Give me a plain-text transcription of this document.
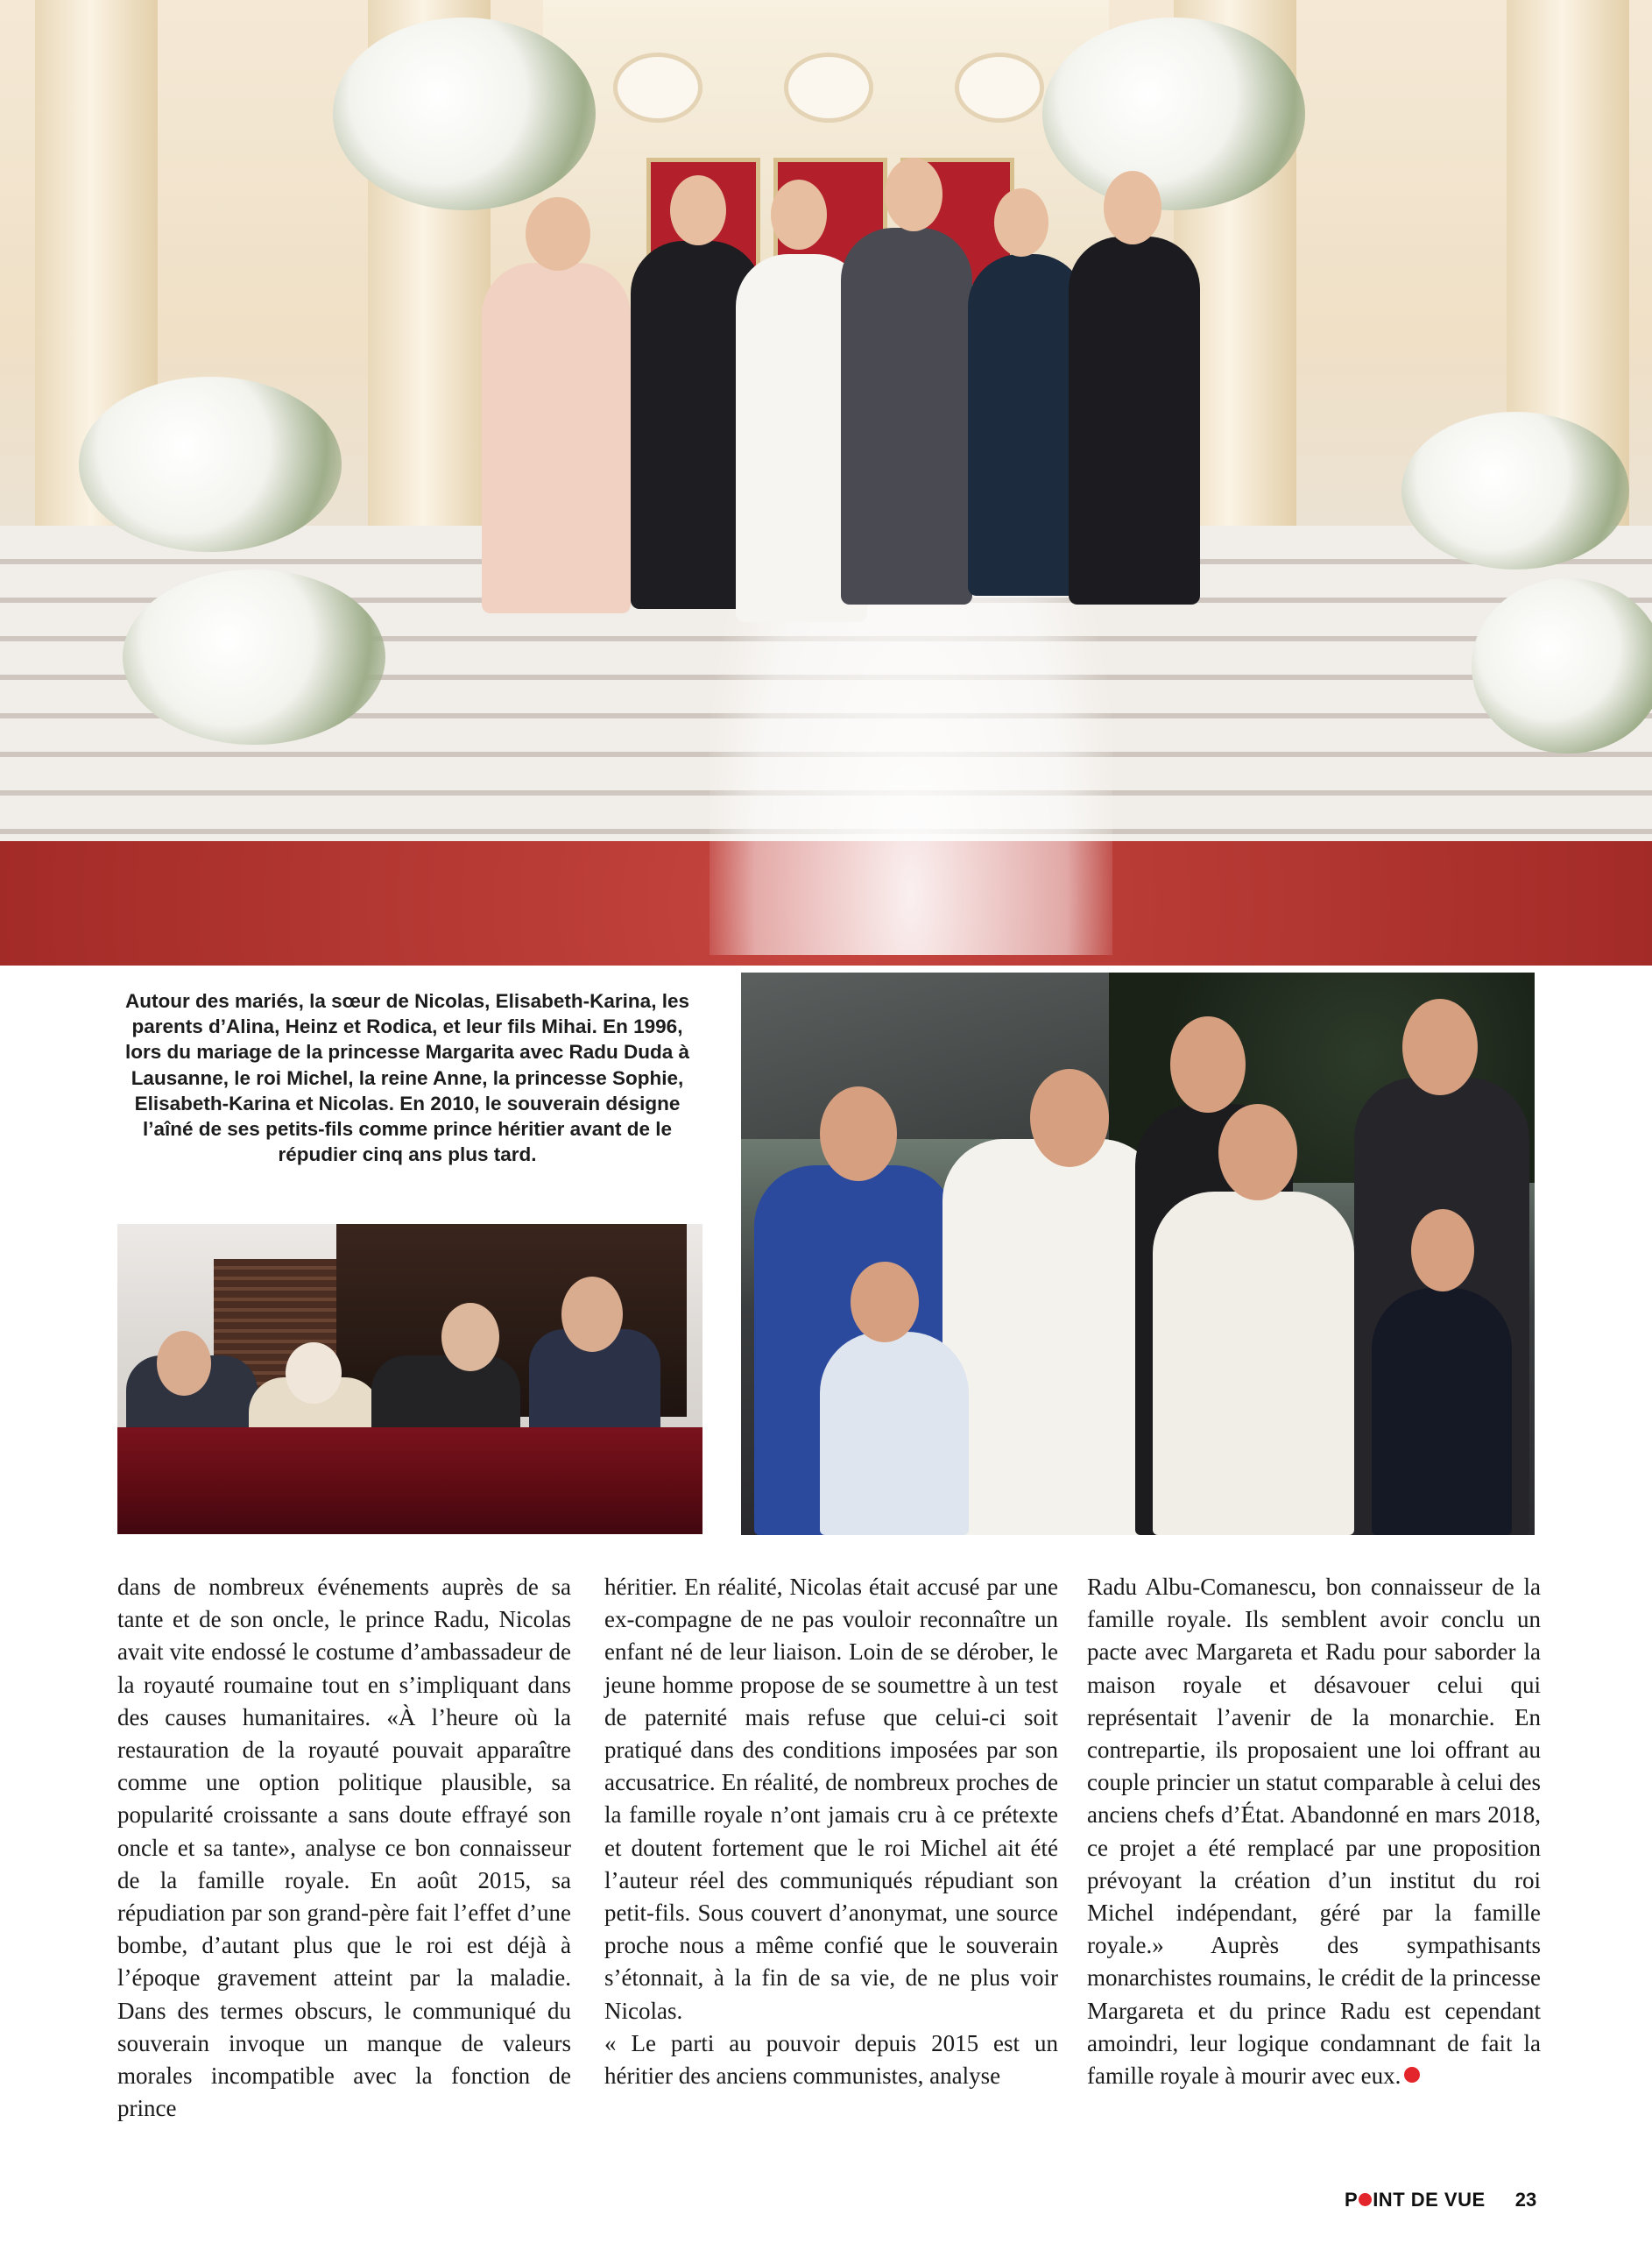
Autour des mariés, la sœur de Nicolas, Elisabeth-Karina, les parents d’Alina, Heinz et Rodica, et leur fils Mihai. En 1996, lors du mariage de la princesse Margarita avec Radu Duda à Lausanne, le roi Michel, la reine Anne, la princesse Sophie, Elisabeth-Karina et Nicolas. En 2010, le souverain désigne l’aîné de ses petits-fils comme prince héritier avant de le répudier cinq ans plus tard.

dans de nombreux événements auprès de sa tante et de son oncle, le prince Radu, Nicolas avait vite endossé le costume d’ambassadeur de la royauté roumaine tout en s’impliquant dans des causes humanitaires. «À l’heure où la restauration de la royauté pouvait apparaître comme une option politique plausible, sa popularité croissante a sans doute effrayé son oncle et sa tante», analyse ce bon connaisseur de la famille royale. En août 2015, sa répudiation par son grand-père fait l’effet d’une bombe, d’autant plus que le roi est déjà à l’époque gravement atteint par la maladie. Dans des termes obscurs, le communiqué du souverain invoque un manque de valeurs morales incompatible avec la fonction de prince

héritier. En réalité, Nicolas était accusé par une ex-compagne de ne pas vouloir reconnaître un enfant né de leur liaison. Loin de se dérober, le jeune homme propose de se soumettre à un test de paternité mais refuse que celui-ci soit pratiqué dans des conditions imposées par son accusatrice. En réalité, de nombreux proches de la famille royale n’ont jamais cru à ce prétexte et doutent fortement que le roi Michel ait été l’auteur réel des communiqués répudiant son petit-fils. Sous couvert d’anonymat, une source proche nous a même confié que le souverain s’étonnait, à la fin de sa vie, de ne plus voir Nicolas.

« Le parti au pouvoir depuis 2015 est un héritier des anciens communistes, analyse

Radu Albu-Comanescu, bon connaisseur de la famille royale. Ils semblent avoir conclu un pacte avec Margareta et Radu pour saborder la maison royale et désavouer celui qui représentait l’avenir de la monarchie. En contrepartie, ils proposaient une loi offrant au couple princier un statut comparable à celui des anciens chefs d’État. Abandonné en mars 2018, ce projet a été remplacé par une proposition prévoyant la création d’un institut du roi Michel indépendant, géré par la famille royale.» Auprès des sympathisants monarchistes roumains, le crédit de la princesse Margareta et du prince Radu est cependant amoindri, leur logique condamnant de fait la famille royale à mourir avec eux.

P INT DE VUE 23
